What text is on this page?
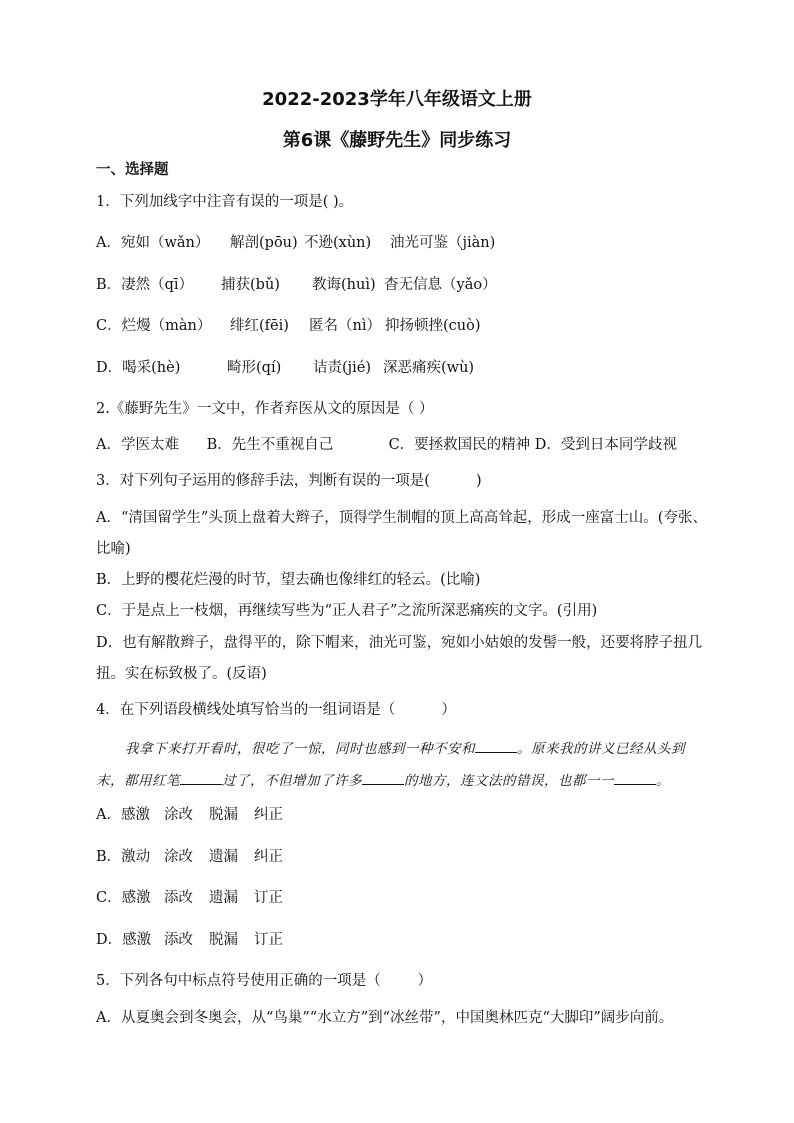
2022-2023学年八年级语文上册
第6课《藤野先生》同步练习
一、选择题
1．下列加线字中注音有误的一项是( )。
A．宛如（wǎn） 解剖(pōu) 不逊(xùn) 油光可鉴（jiàn)
B．凄然（qī） 捕获(bǔ) 教诲(huì) 杳无信息（yǎo）
C．烂熳（màn） 绯红(fēi) 匿名（nì） 抑扬顿挫(cuò)
D．喝采(hè)	畸形(qí) 诘责(jié) 深恶痛疾(wù)
2.《藤野先生》一文中，作者弃医从文的原因是（ ）
A．学医太难      B．先生不重视自己            C．要拯救国民的精神 D．受到日本同学歧视
3．对下列句子运用的修辞手法，判断有误的一项是(          )
A．“清国留学生”头顶上盘着大辫子，顶得学生制帽的顶上高高耸起，形成一座富士山。(夸张、
比喻)
B．上野的樱花烂漫的时节，望去确也像绯红的轻云。(比喻)
C．于是点上一枝烟，再继续写些为“正人君子”之流所深恶痛疾的文字。(引用)
D．也有解散辫子，盘得平的，除下帽来，油光可鉴，宛如小姑娘的发髻一般，还要将脖子扭几
扭。实在标致极了。(反语)
4．在下列语段横线处填写恰当的一组词语是（          ）
我拿下来打开看时，很吃了一惊，同时也感到一种不安和	。原来我的讲义已经从头到
末，都用红笔	过了，不但增加了许多	的地方，连文法的错误，也都一一	。
A．感激 涂改 脱漏 纠正
B．激动 涂改 遗漏 纠正
C．感激 添改 遗漏 订正
D．感激 添改 脱漏 订正
5．下列各句中标点符号使用正确的一项是（        ）
A．从夏奥会到冬奥会，从“鸟巢”“水立方”到“冰丝带”，中国奥林匹克“大脚印”阔步向前。
